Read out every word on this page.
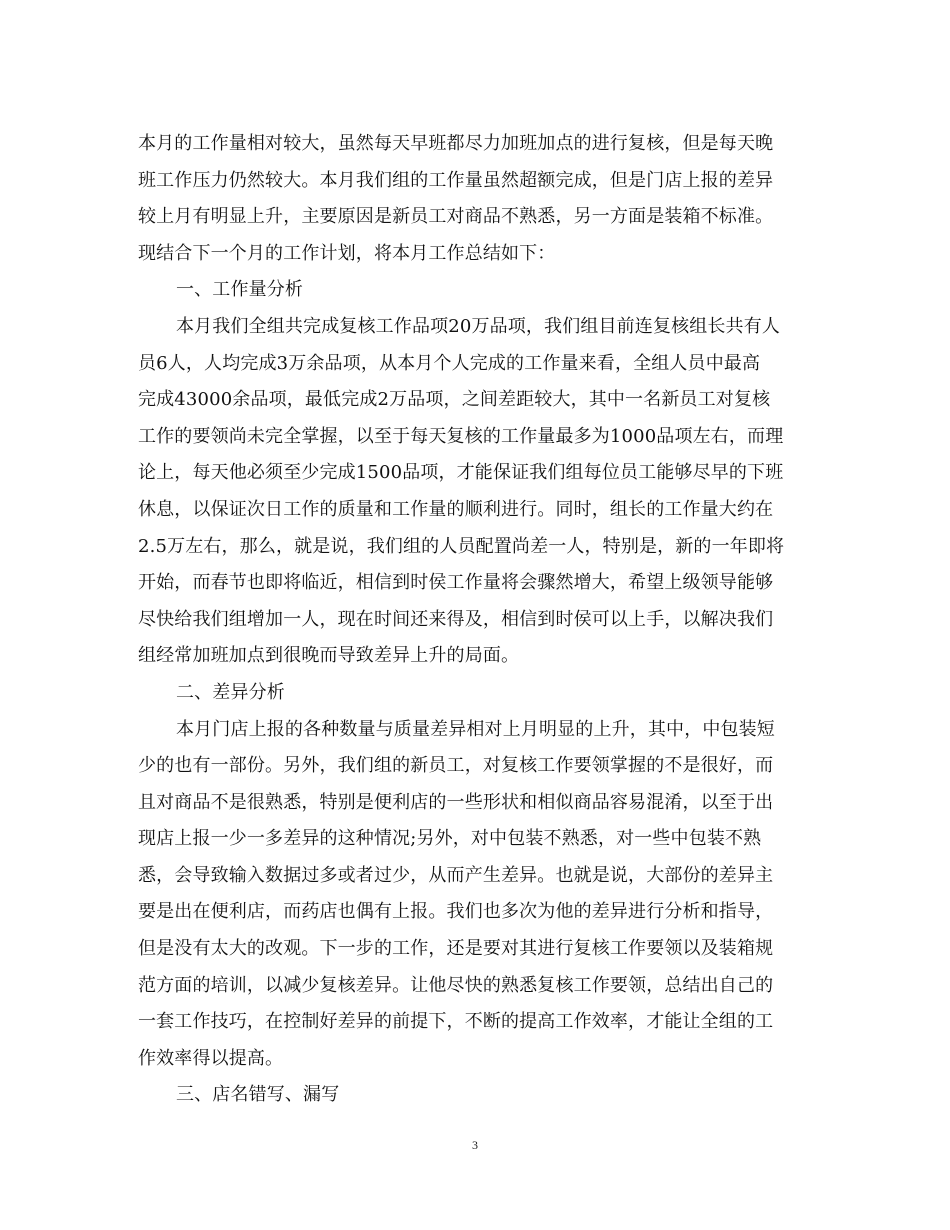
本月的工作量相对较大，虽然每天早班都尽力加班加点的进行复核，但是每天晚
班工作压力仍然较大。本月我们组的工作量虽然超额完成，但是门店上报的差异
较上月有明显上升，主要原因是新员工对商品不熟悉，另一方面是装箱不标准。
现结合下一个月的工作计划，将本月工作总结如下：
一、工作量分析
本月我们全组共完成复核工作品项20万品项，我们组目前连复核组长共有人
员6人，人均完成3万余品项，从本月个人完成的工作量来看，全组人员中最高
完成43000余品项，最低完成2万品项，之间差距较大，其中一名新员工对复核
工作的要领尚未完全掌握，以至于每天复核的工作量最多为1000品项左右，而理
论上，每天他必须至少完成1500品项，才能保证我们组每位员工能够尽早的下班
休息，以保证次日工作的质量和工作量的顺利进行。同时，组长的工作量大约在
2.5万左右，那么，就是说，我们组的人员配置尚差一人，特别是，新的一年即将
开始，而春节也即将临近，相信到时侯工作量将会骤然增大，希望上级领导能够
尽快给我们组增加一人，现在时间还来得及，相信到时侯可以上手，以解决我们
组经常加班加点到很晚而导致差异上升的局面。
二、差异分析
本月门店上报的各种数量与质量差异相对上月明显的上升，其中，中包装短
少的也有一部份。另外，我们组的新员工，对复核工作要领掌握的不是很好，而
且对商品不是很熟悉，特别是便利店的一些形状和相似商品容易混淆，以至于出
现店上报一少一多差异的这种情况;另外，对中包装不熟悉，对一些中包装不熟
悉，会导致输入数据过多或者过少，从而产生差异。也就是说，大部份的差异主
要是出在便利店，而药店也偶有上报。我们也多次为他的差异进行分析和指导，
但是没有太大的改观。下一步的工作，还是要对其进行复核工作要领以及装箱规
范方面的培训，以减少复核差异。让他尽快的熟悉复核工作要领，总结出自己的
一套工作技巧，在控制好差异的前提下，不断的提高工作效率，才能让全组的工
作效率得以提高。
三、店名错写、漏写
3
